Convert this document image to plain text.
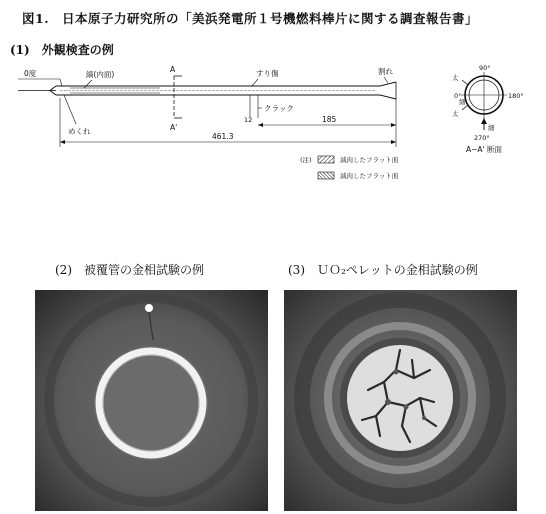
図1.　日本原子力研究所の「美浜発電所１号機燃料棒片に関する調査報告書」
(1)　外観検査の例
0度	A
A'
縞(内面)	すり傷	割れ
めくれ
クラック
12	185
461.3
(注)	減肉したフラット面
減肉したフラット面
90°
0°	180°
270°
太
細
太
細
A−A' 断面
(2)　被覆管の金相試験の例	(3)　ＵＯ₂ペレットの金相試験の例
